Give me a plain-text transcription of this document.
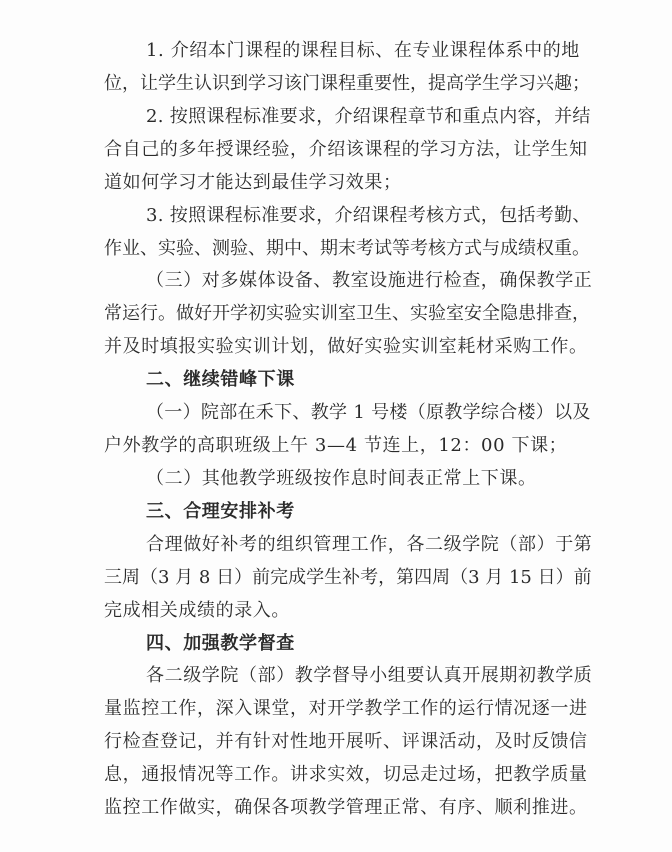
1. 介绍本门课程的课程目标、在专业课程体系中的地
位，让学生认识到学习该门课程重要性，提高学生学习兴趣；
2. 按照课程标准要求，介绍课程章节和重点内容，并结
合自己的多年授课经验，介绍该课程的学习方法，让学生知
道如何学习才能达到最佳学习效果；
3. 按照课程标准要求，介绍课程考核方式，包括考勤、
作业、实验、测验、期中、期末考试等考核方式与成绩权重。
（三）对多媒体设备、教室设施进行检查，确保教学正
常运行。做好开学初实验实训室卫生、实验室安全隐患排查，
并及时填报实验实训计划，做好实验实训室耗材采购工作。
二、继续错峰下课
（一）院部在禾下、教学 1 号楼（原教学综合楼）以及
户外教学的高职班级上午 3—4 节连上，12：00 下课；
（二）其他教学班级按作息时间表正常上下课。
三、合理安排补考
合理做好补考的组织管理工作，各二级学院（部）于第
三周（3 月 8 日）前完成学生补考，第四周（3 月 15 日）前
完成相关成绩的录入。
四、加强教学督查
各二级学院（部）教学督导小组要认真开展期初教学质
量监控工作，深入课堂，对开学教学工作的运行情况逐一进
行检查登记，并有针对性地开展听、评课活动，及时反馈信
息，通报情况等工作。讲求实效，切忌走过场，把教学质量
监控工作做实，确保各项教学管理正常、有序、顺利推进。
